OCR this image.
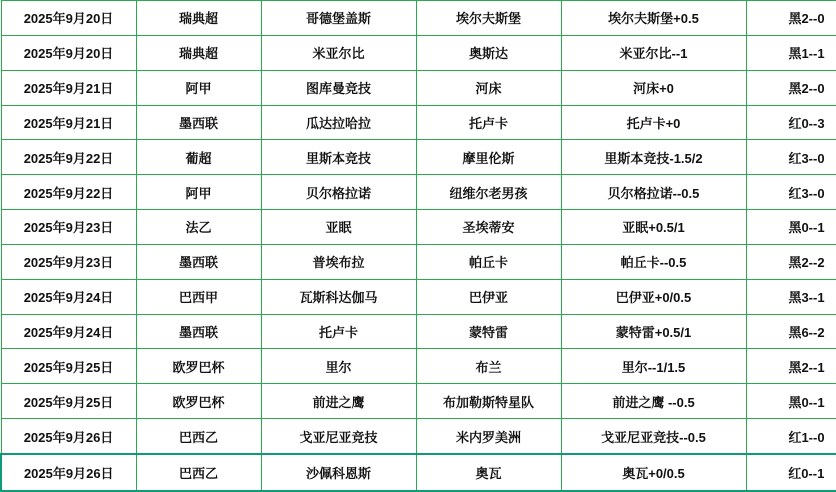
2025年9月20日	瑞典超	哥德堡盖斯	埃尔夫斯堡	埃尔夫斯堡+0.5	黑2--0
2025年9月20日	瑞典超	米亚尔比	奥斯达	米亚尔比--1	黑1--1
2025年9月21日	阿甲	图库曼竞技	河床	河床+0	黑2--0
2025年9月21日	墨西联	瓜达拉哈拉	托卢卡	托卢卡+0	红0--3
2025年9月22日	葡超	里斯本竞技	摩里伦斯	里斯本竞技-1.5/2	红3--0
2025年9月22日	阿甲	贝尔格拉诺	纽维尔老男孩	贝尔格拉诺--0.5	红3--0
2025年9月23日	法乙	亚眠	圣埃蒂安	亚眠+0.5/1	黑0--1
2025年9月23日	墨西联	普埃布拉	帕丘卡	帕丘卡--0.5	黑2--2
2025年9月24日	巴西甲	瓦斯科达伽马	巴伊亚	巴伊亚+0/0.5	黑3--1
2025年9月24日	墨西联	托卢卡	蒙特雷	蒙特雷+0.5/1	黑6--2
2025年9月25日	欧罗巴杯	里尔	布兰	里尔--1/1.5	黑2--1
2025年9月25日	欧罗巴杯	前进之鹰	布加勒斯特星队	前进之鹰 --0.5	黑0--1
2025年9月26日	巴西乙	戈亚尼亚竞技	米内罗美洲	戈亚尼亚竞技--0.5	红1--0
2025年9月26日	巴西乙	沙佩科恩斯	奥瓦	奥瓦+0/0.5	红0--1
